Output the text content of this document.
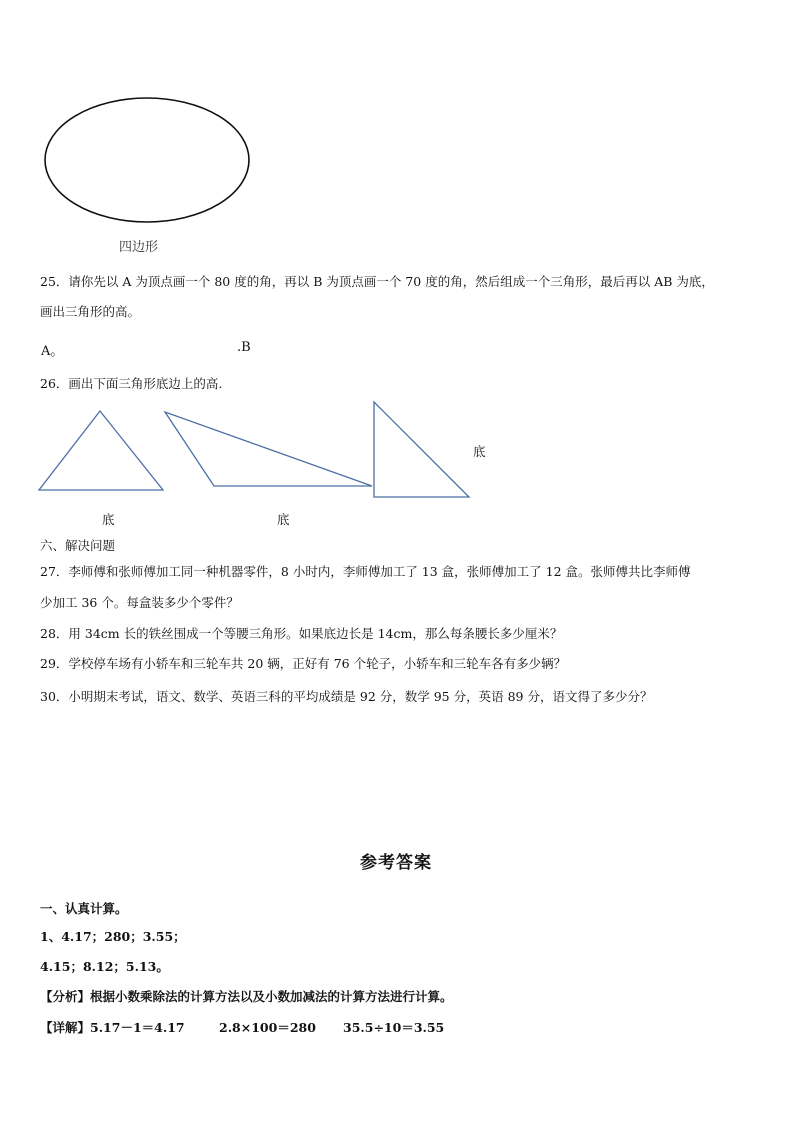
四边形
25．请你先以 A 为顶点画一个 80 度的角，再以 B 为顶点画一个 70 度的角，然后组成一个三角形，最后再以 AB 为底，
画出三角形的高。
A。	.B
26．画出下面三角形底边上的高.
底
底	底
六、解决问题
27．李师傅和张师傅加工同一种机器零件，8 小时内，李师傅加工了 13 盒，张师傅加工了 12 盒。张师傅共比李师傅
少加工 36 个。每盒装多少个零件？
28．用 34cm 长的铁丝围成一个等腰三角形。如果底边长是 14cm，那么每条腰长多少厘米？
29．学校停车场有小轿车和三轮车共 20 辆，正好有 76 个轮子，小轿车和三轮车各有多少辆？
30．小明期末考试，语文、数学、英语三科的平均成绩是 92 分，数学 95 分，英语 89 分，语文得了多少分？
参考答案
一、认真计算。
1、4.17；280；3.55；
4.15；8.12；5.13。
【分析】根据小数乘除法的计算方法以及小数加减法的计算方法进行计算。
【详解】5.17－1＝4.17	2.8×100＝280 35.5÷10＝3.55
